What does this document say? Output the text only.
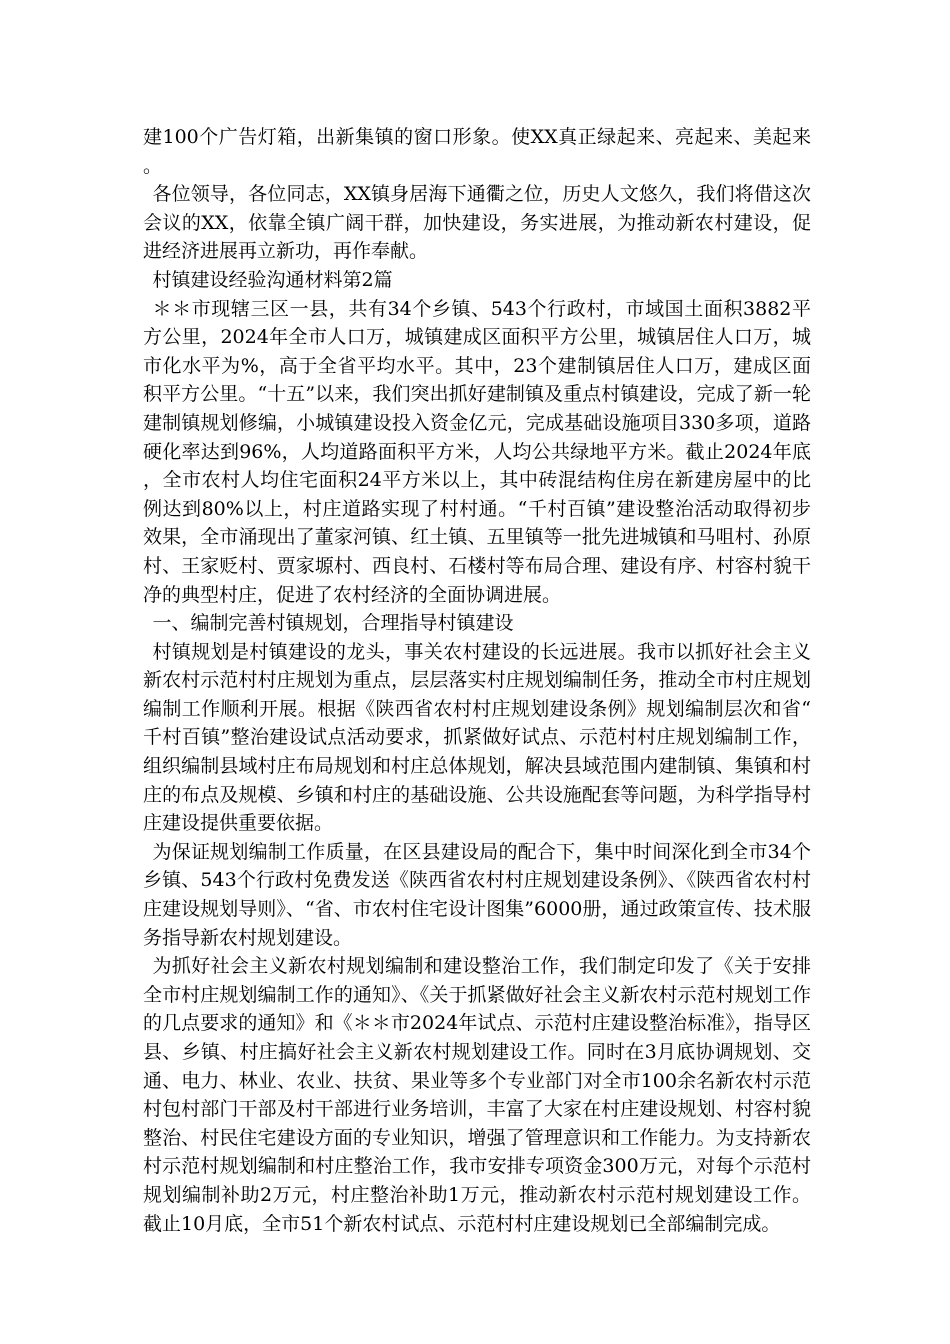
建100个广告灯箱，出新集镇的窗口形象。使XX真正绿起来、亮起来、美起来。

各位领导，各位同志，XX镇身居海下通衢之位，历史人文悠久，我们将借这次会议的XX，依靠全镇广阔干群，加快建设，务实进展，为推动新农村建设，促进经济进展再立新功，再作奉献。

村镇建设经验沟通材料第2篇

＊＊市现辖三区一县，共有34个乡镇、543个行政村，市域国土面积3882平方公里，2024年全市人口万，城镇建成区面积平方公里，城镇居住人口万，城市化水平为%，高于全省平均水平。其中，23个建制镇居住人口万，建成区面积平方公里。“十五”以来，我们突出抓好建制镇及重点村镇建设，完成了新一轮建制镇规划修编，小城镇建设投入资金亿元，完成基础设施项目330多项，道路硬化率达到96%，人均道路面积平方米，人均公共绿地平方米。截止2024年底，全市农村人均住宅面积24平方米以上，其中砖混结构住房在新建房屋中的比例达到80%以上，村庄道路实现了村村通。“千村百镇”建设整治活动取得初步效果，全市涌现出了董家河镇、红土镇、五里镇等一批先进城镇和马咀村、孙原村、王家贬村、贾家塬村、西良村、石楼村等布局合理、建设有序、村容村貌干净的典型村庄，促进了农村经济的全面协调进展。

一、编制完善村镇规划，合理指导村镇建设

村镇规划是村镇建设的龙头，事关农村建设的长远进展。我市以抓好社会主义新农村示范村村庄规划为重点，层层落实村庄规划编制任务，推动全市村庄规划编制工作顺利开展。根据《陕西省农村村庄规划建设条例》规划编制层次和省“千村百镇”整治建设试点活动要求，抓紧做好试点、示范村村庄规划编制工作，组织编制县域村庄布局规划和村庄总体规划，解决县域范围内建制镇、集镇和村庄的布点及规模、乡镇和村庄的基础设施、公共设施配套等问题，为科学指导村庄建设提供重要依据。

为保证规划编制工作质量，在区县建设局的配合下，集中时间深化到全市34个乡镇、543个行政村免费发送《陕西省农村村庄规划建设条例》、《陕西省农村村庄建设规划导则》、“省、市农村住宅设计图集”6000册，通过政策宣传、技术服务指导新农村规划建设。

为抓好社会主义新农村规划编制和建设整治工作，我们制定印发了《关于安排全市村庄规划编制工作的通知》、《关于抓紧做好社会主义新农村示范村规划工作的几点要求的通知》和《＊＊市2024年试点、示范村庄建设整治标准》，指导区县、乡镇、村庄搞好社会主义新农村规划建设工作。同时在3月底协调规划、交通、电力、林业、农业、扶贫、果业等多个专业部门对全市100余名新农村示范村包村部门干部及村干部进行业务培训，丰富了大家在村庄建设规划、村容村貌整治、村民住宅建设方面的专业知识，增强了管理意识和工作能力。为支持新农村示范村规划编制和村庄整治工作，我市安排专项资金300万元，对每个示范村规划编制补助2万元，村庄整治补助1万元，推动新农村示范村规划建设工作。截止10月底，全市51个新农村试点、示范村村庄建设规划已全部编制完成。
